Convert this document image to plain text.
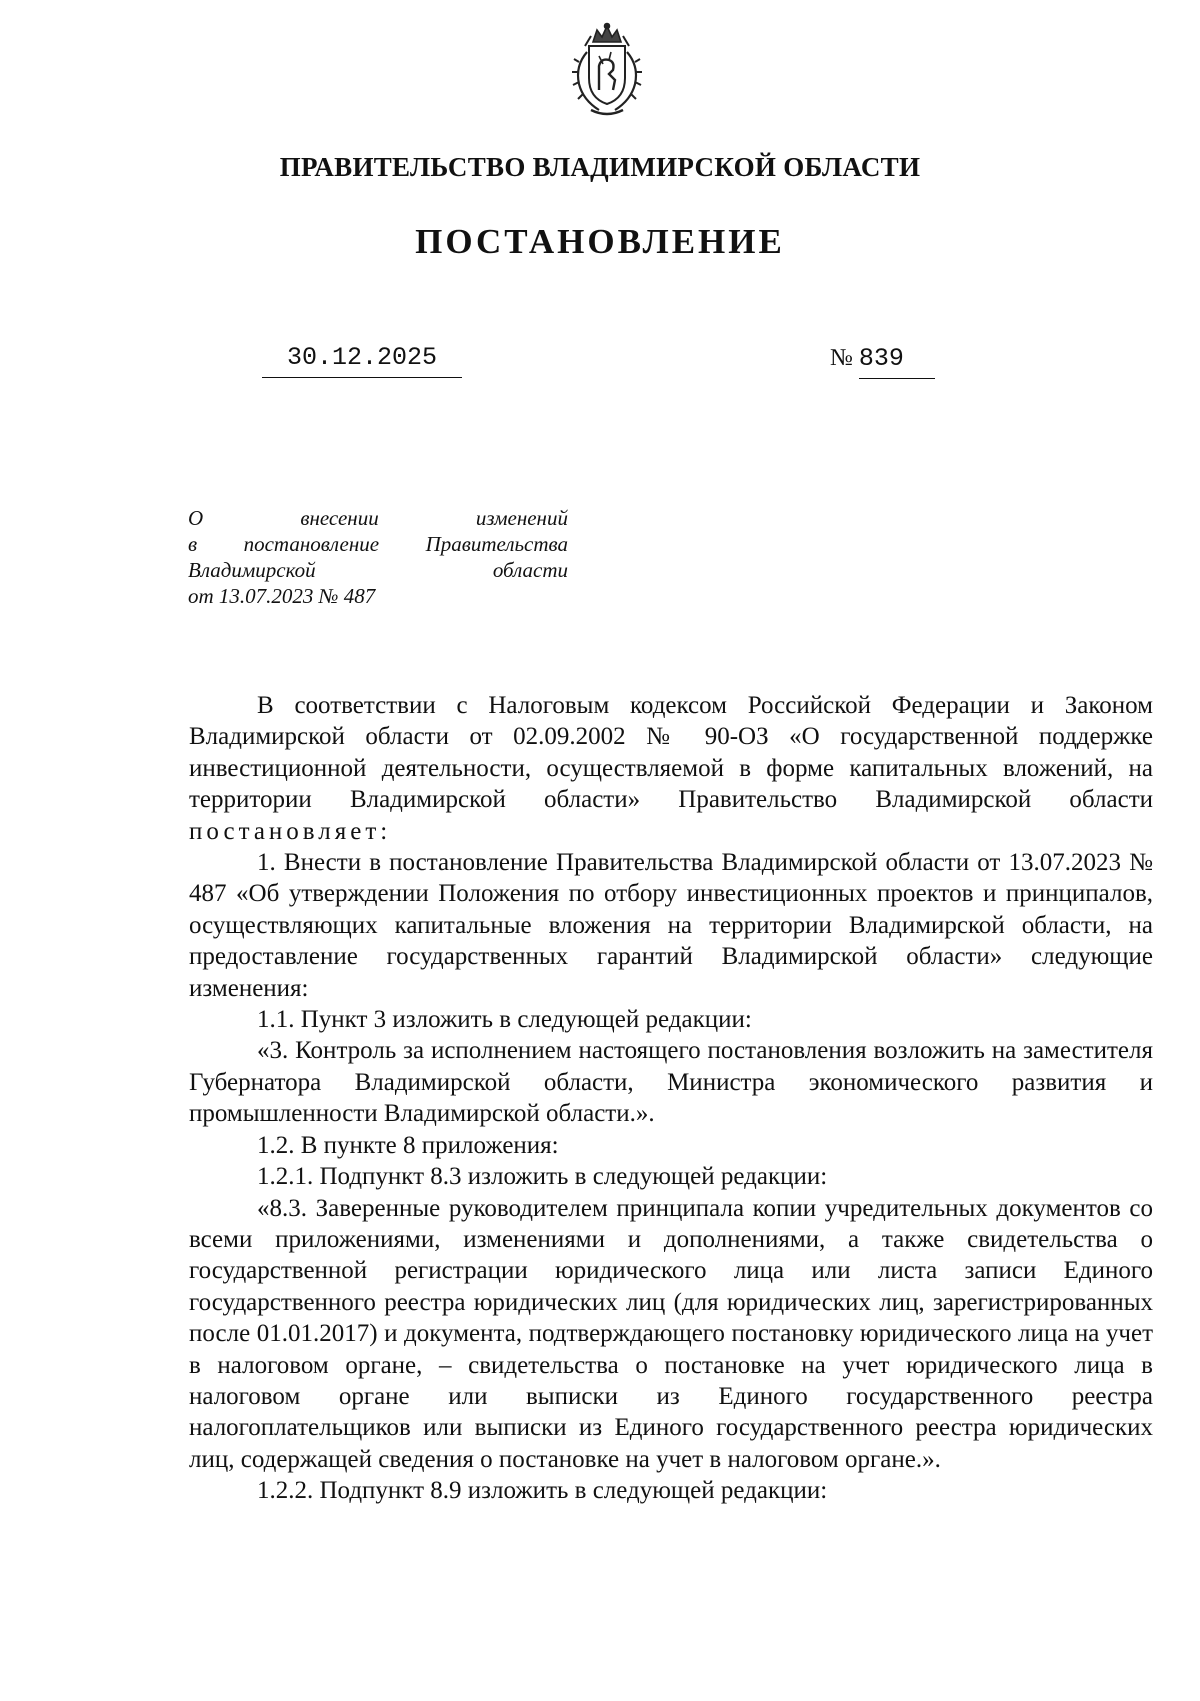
ПРАВИТЕЛЬСТВО ВЛАДИМИРСКОЙ ОБЛАСТИ
ПОСТАНОВЛЕНИЕ
30.12.2025	№ 839
О	внесении	изменений
в постановление Правительства
Владимирской	области
от 13.07.2023 № 487

В соответствии с Налоговым кодексом Российской Федерации и Законом Владимирской области от 02.09.2002 № 90-ОЗ «О государственной поддержке инвестиционной деятельности, осуществляемой в форме капитальных вложений, на территории Владимирской области» Правительство Владимирской области постановляет:

1. Внести в постановление Правительства Владимирской области от 13.07.2023 № 487 «Об утверждении Положения по отбору инвестиционных проектов и принципалов, осуществляющих капитальные вложения на территории Владимирской области, на предоставление государственных гарантий Владимирской области» следующие изменения:

1.1. Пункт 3 изложить в следующей редакции:

«3. Контроль за исполнением настоящего постановления возложить на заместителя Губернатора Владимирской области, Министра экономического развития и промышленности Владимирской области.».

1.2. В пункте 8 приложения:

1.2.1. Подпункт 8.3 изложить в следующей редакции:

«8.3. Заверенные руководителем принципала копии учредительных документов со всеми приложениями, изменениями и дополнениями, а также свидетельства о государственной регистрации юридического лица или листа записи Единого государственного реестра юридических лиц (для юридических лиц, зарегистрированных после 01.01.2017) и документа, подтверждающего постановку юридического лица на учет в налоговом органе, – свидетельства о постановке на учет юридического лица в налоговом органе или выписки из Единого государственного реестра налогоплательщиков или выписки из Единого государственного реестра юридических лиц, содержащей сведения о постановке на учет в налоговом органе.».

1.2.2. Подпункт 8.9 изложить в следующей редакции:
